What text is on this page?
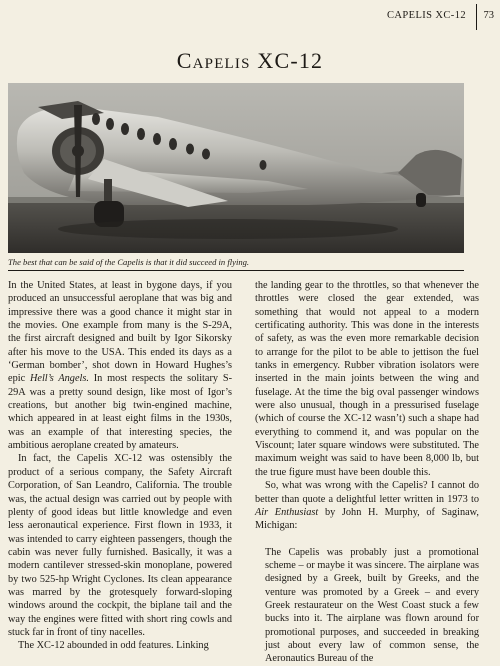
CAPELIS XC-12 73
Capelis XC-12
The best that can be said of the Capelis is that it did succeed in flying.

In the United States, at least in bygone days, if you produced an unsuccessful aeroplane that was big and impressive there was a good chance it might star in the movies. One example from many is the S-29A, the first aircraft designed and built by Igor Sikorsky after his move to the USA. This ended its days as a ‘German bomber’, shot down in Howard Hughes’s epic Hell’s Angels. In most respects the solitary S-29A was a pretty sound design, like most of Igor’s creations, but another big twin-engined machine, which appeared in at least eight films in the 1930s, was an example of that interesting species, the ambitious aeroplane created by amateurs.

In fact, the Capelis XC-12 was ostensibly the product of a serious company, the Safety Aircraft Corporation, of San Leandro, California. The trouble was, the actual design was carried out by people with plenty of good ideas but little knowledge and even less aeronautical experience. First flown in 1933, it was intended to carry eighteen passengers, though the cabin was never fully furnished. Basically, it was a modern cantilever stressed-skin monoplane, powered by two 525-hp Wright Cyclones. Its clean appearance was marred by the grotesquely forward-sloping windows around the cockpit, the biplane tail and the way the engines were fitted with short ring cowls and stuck far in front of tiny nacelles.

The XC-12 abounded in odd features. Linking

the landing gear to the throttles, so that whenever the throttles were closed the gear extended, was something that would not appeal to a modern certificating authority. This was done in the interests of safety, as was the even more remarkable decision to arrange for the pilot to be able to jettison the fuel tanks in emergency. Rubber vibration isolators were inserted in the main joints between the wing and fuselage. At the time the big oval passenger windows were also unusual, though in a pressurised fuselage (which of course the XC-12 wasn’t) such a shape had everything to commend it, and was popular on the Viscount; later square windows were substituted. The maximum weight was said to have been 8,000 lb, but the true figure must have been double this.

So, what was wrong with the Capelis? I cannot do better than quote a delightful letter written in 1973 to Air Enthusiast by John H. Murphy, of Saginaw, Michigan:

The Capelis was probably just a promotional scheme – or maybe it was sincere. The airplane was designed by a Greek, built by Greeks, and the venture was promoted by a Greek – and every Greek restaurateur on the West Coast stuck a few bucks into it. The airplane was flown around for promotional purposes, and succeeded in breaking just about every law of common sense, the Aeronautics Bureau of the
